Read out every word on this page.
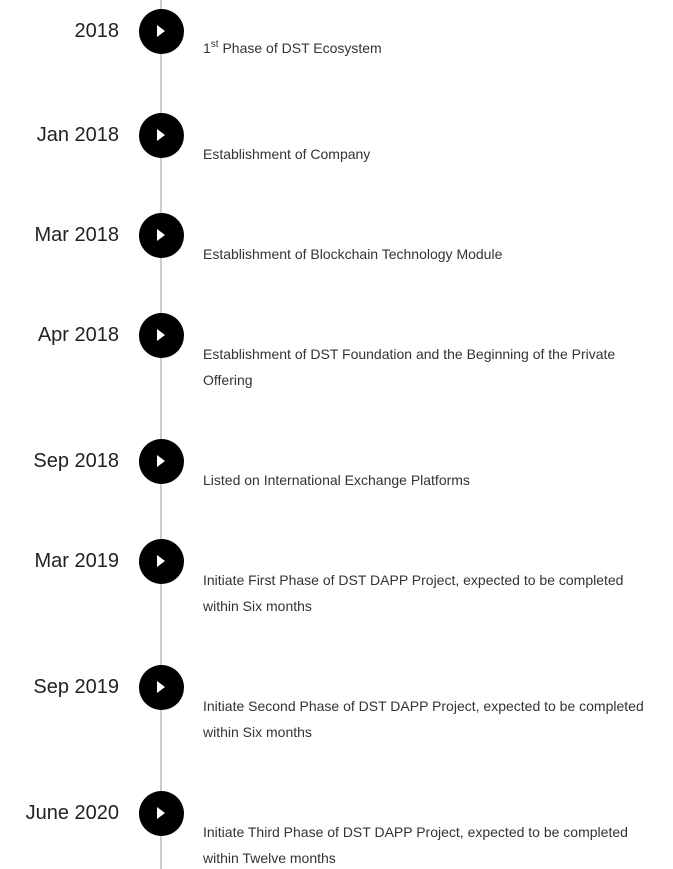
2018
1st Phase of DST Ecosystem
Jan 2018
Establishment of Company
Mar 2018
Establishment of Blockchain Technology Module
Apr 2018
Establishment of DST Foundation and the Beginning of the Private Offering
Sep 2018
Listed on International Exchange Platforms
Mar 2019
Initiate First Phase of DST DAPP Project, expected to be completed within Six months
Sep 2019
Initiate Second Phase of DST DAPP Project, expected to be completed within Six months
June 2020
Initiate Third Phase of DST DAPP Project, expected to be completed within Twelve months
